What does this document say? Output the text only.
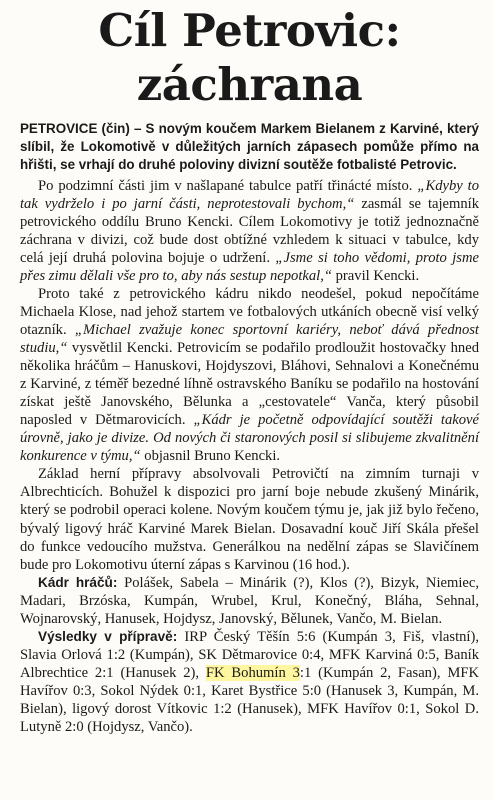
Cíl Petrovic: záchrana

PETROVICE (čin) – S novým koučem Markem Bielanem z Karviné, který slíbil, že Lokomotivě v důležitých jarních zápasech pomůže přímo na hřišti, se vrhají do druhé poloviny divizní soutěže fotbalisté Petrovic.

Po podzimní části jim v našlapané tabulce patří třinácté místo. „Kdyby to tak vydrželo i po jarní části, neprotestovali bychom,“ zasmál se tajemník petrovického oddílu Bruno Kencki. Cílem Lokomotivy je totiž jednoznačně záchrana v divizi, což bude dost obtížné vzhledem k situaci v tabulce, kdy celá její druhá polovina bojuje o udržení. „Jsme si toho vědomi, proto jsme přes zimu dělali vše pro to, aby nás sestup nepotkal,“ pravil Kencki.

Proto také z petrovického kádru nikdo neodešel, pokud nepočítáme Michaela Klose, nad jehož startem ve fotbalových utkáních obecně visí velký otazník. „Michael zvažuje konec sportovní kariéry, neboť dává přednost studiu,“ vysvětlil Kencki. Petrovicím se podařilo prodloužit hostovačky hned několika hráčům – Hanuskovi, Hojdyszovi, Bláhovi, Sehnalovi a Konečnému z Karviné, z téměř bezedné líhně ostravského Baníku se podařilo na hostování získat ještě Janovského, Bělunka a „cestovatele“ Vanča, který působil naposled v Dětmarovicích. „Kádr je početně odpovídající soutěži takové úrovně, jako je divize. Od nových či staronových posil si slibujeme zkvalitnění konkurence v týmu,“ objasnil Bruno Kencki.

Základ herní přípravy absolvovali Petrovičtí na zimním turnaji v Albrechticích. Bohužel k dispozici pro jarní boje nebude zkušený Minárik, který se podrobil operaci kolene. Novým koučem týmu je, jak již bylo řečeno, bývalý ligový hráč Karviné Marek Bielan. Dosavadní kouč Jiří Skála přešel do funkce vedoucího mužstva. Generálkou na nedělní zápas se Slavičínem bude pro Lokomotivu úterní zápas s Karvinou (16 hod.).

Kádr hráčů: Polášek, Sabela – Minárik (?), Klos (?), Bizyk, Niemiec, Madari, Brzóska, Kumpán, Wrubel, Krul, Konečný, Bláha, Sehnal, Wojnarovský, Hanusek, Hojdysz, Janovský, Bělunek, Vančo, M. Bielan.

Výsledky v přípravě: IRP Český Těšín 5:6 (Kumpán 3, Fiš, vlastní), Slavia Orlová 1:2 (Kumpán), SK Dětmarovice 0:4, MFK Karviná 0:5, Baník Albrechtice 2:1 (Hanusek 2), FK Bohumín 3:1 (Kumpán 2, Fasan), MFK Havířov 0:3, Sokol Nýdek 0:1, Karet Bystřice 5:0 (Hanusek 3, Kumpán, M. Bielan), ligový dorost Vítkovic 1:2 (Hanusek), MFK Havířov 0:1, Sokol D. Lutyně 2:0 (Hojdysz, Vančo).
